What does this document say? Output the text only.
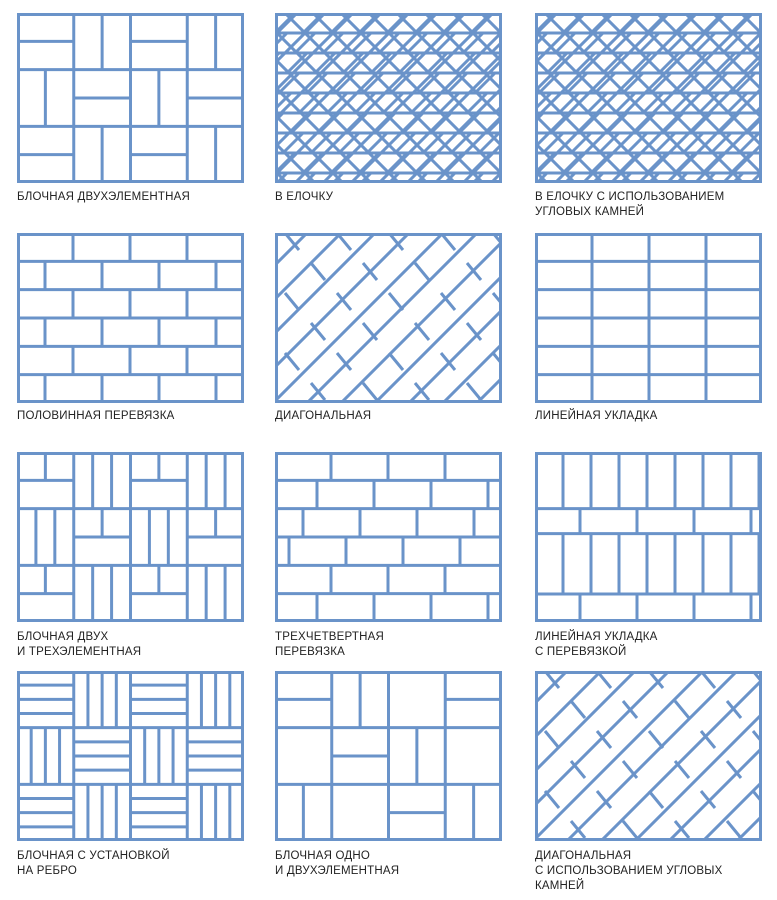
БЛОЧНАЯ ДВУХЭЛЕМЕНТНАЯ	В ЕЛОЧКУ	В ЕЛОЧКУ С ИСПОЛЬЗОВАНИЕМ
УГЛОВЫХ КАМНЕЙ
ПОЛОВИННАЯ ПЕРЕВЯЗКА	ДИАГОНАЛЬНАЯ	ЛИНЕЙНАЯ УКЛАДКА
БЛОЧНАЯ ДВУХ
И ТРЕХЭЛЕМЕНТНАЯ
ТРЕХЧЕТВЕРТНАЯ
ПЕРЕВЯЗКА
ЛИНЕЙНАЯ УКЛАДКА
С ПЕРЕВЯЗКОЙ
БЛОЧНАЯ С УСТАНОВКОЙ
НА РЕБРО
БЛОЧНАЯ ОДНО
И ДВУХЭЛЕМЕНТНАЯ
ДИАГОНАЛЬНАЯ
С ИСПОЛЬЗОВАНИЕМ УГЛОВЫХ
КАМНЕЙ
